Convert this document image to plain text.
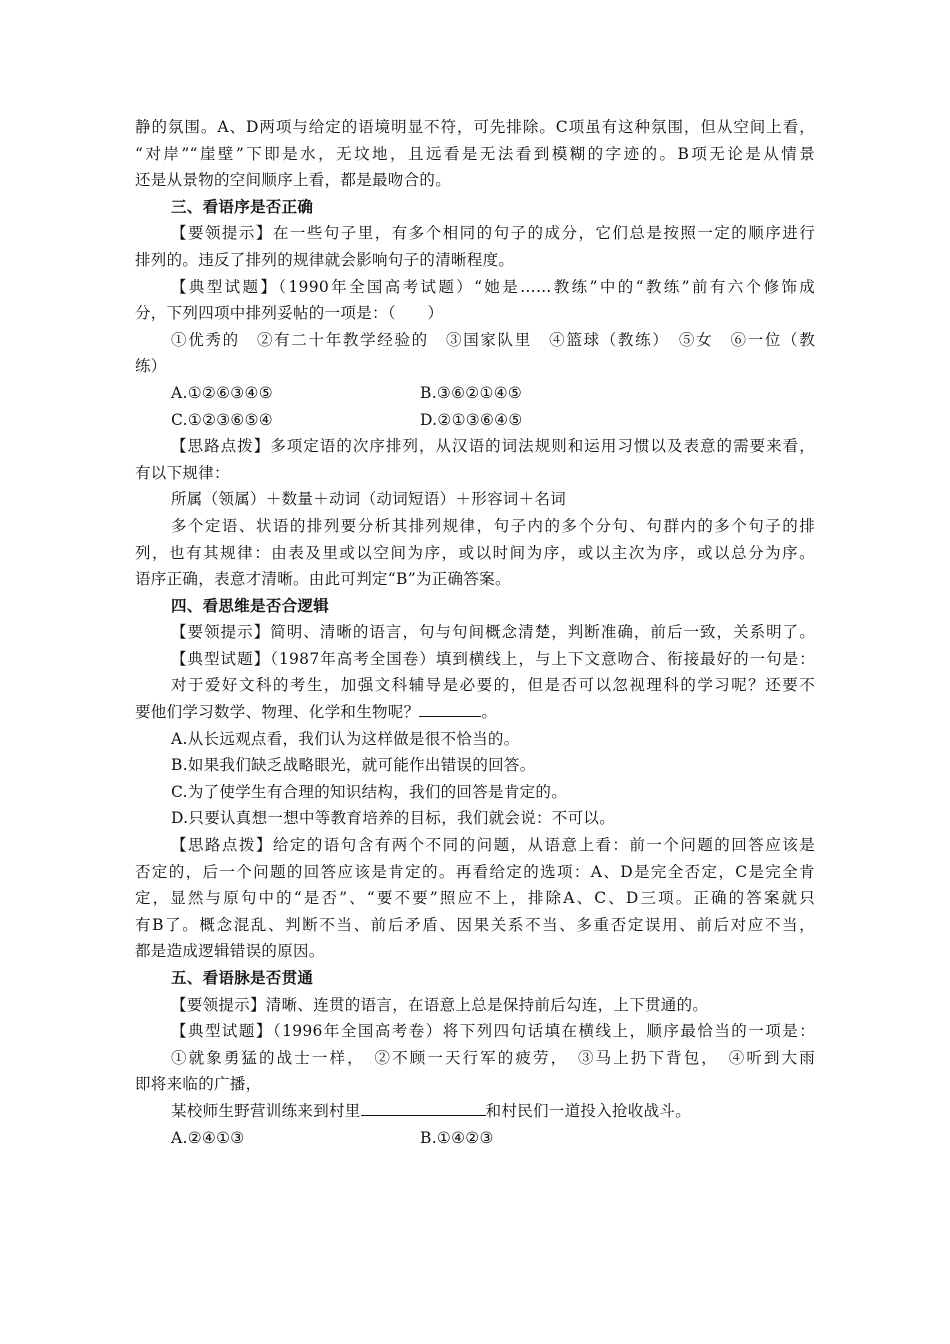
静的氛围。A、D两项与给定的语境明显不符，可先排除。C项虽有这种氛围，但从空间上看，
“对岸”“崖壁”下即是水，无坟地，且远看是无法看到模糊的字迹的。B项无论是从情景
还是从景物的空间顺序上看，都是最吻合的。
三、看语序是否正确
【要领提示】在一些句子里，有多个相同的句子的成分，它们总是按照一定的顺序进行
排列的。违反了排列的规律就会影响句子的清晰程度。
【典型试题】（1990年全国高考试题）“她是……教练”中的“教练”前有六个修饰成
分，下列四项中排列妥帖的一项是：（　　）
①优秀的　②有二十年教学经验的　③国家队里　④篮球（教练）　⑤女　⑥一位（教
练）
A.①②⑥③④⑤	B.③⑥②①④⑤
C.①②③⑥⑤④	D.②①③⑥④⑤
【思路点拨】多项定语的次序排列，从汉语的词法规则和运用习惯以及表意的需要来看，
有以下规律：
所属（领属）＋数量＋动词（动词短语）＋形容词＋名词
多个定语、状语的排列要分析其排列规律，句子内的多个分句、句群内的多个句子的排
列，也有其规律：由表及里或以空间为序，或以时间为序，或以主次为序，或以总分为序。
语序正确，表意才清晰。由此可判定“B”为正确答案。
四、看思维是否合逻辑
【要领提示】简明、清晰的语言，句与句间概念清楚，判断准确，前后一致，关系明了。
【典型试题】（1987年高考全国卷）填到横线上，与上下文意吻合、衔接最好的一句是：
对于爱好文科的考生，加强文科辅导是必要的，但是否可以忽视理科的学习呢？还要不
要他们学习数学、物理、化学和生物呢？	。
A.从长远观点看，我们认为这样做是很不恰当的。
B.如果我们缺乏战略眼光，就可能作出错误的回答。
C.为了使学生有合理的知识结构，我们的回答是肯定的。
D.只要认真想一想中等教育培养的目标，我们就会说：不可以。
【思路点拨】给定的语句含有两个不同的问题，从语意上看：前一个问题的回答应该是
否定的，后一个问题的回答应该是肯定的。再看给定的选项：A、D是完全否定，C是完全肯
定，显然与原句中的“是否”、“要不要”照应不上，排除A、C、D三项。正确的答案就只
有B了。概念混乱、判断不当、前后矛盾、因果关系不当、多重否定误用、前后对应不当，
都是造成逻辑错误的原因。
五、看语脉是否贯通
【要领提示】清晰、连贯的语言，在语意上总是保持前后勾连，上下贯通的。
【典型试题】（1996年全国高考卷）将下列四句话填在横线上，顺序最恰当的一项是：
①就象勇猛的战士一样，　②不顾一天行军的疲劳，　③马上扔下背包，　④听到大雨
即将来临的广播，
某校师生野营训练来到村里	和村民们一道投入抢收战斗。
A.②④①③	B.①④②③
